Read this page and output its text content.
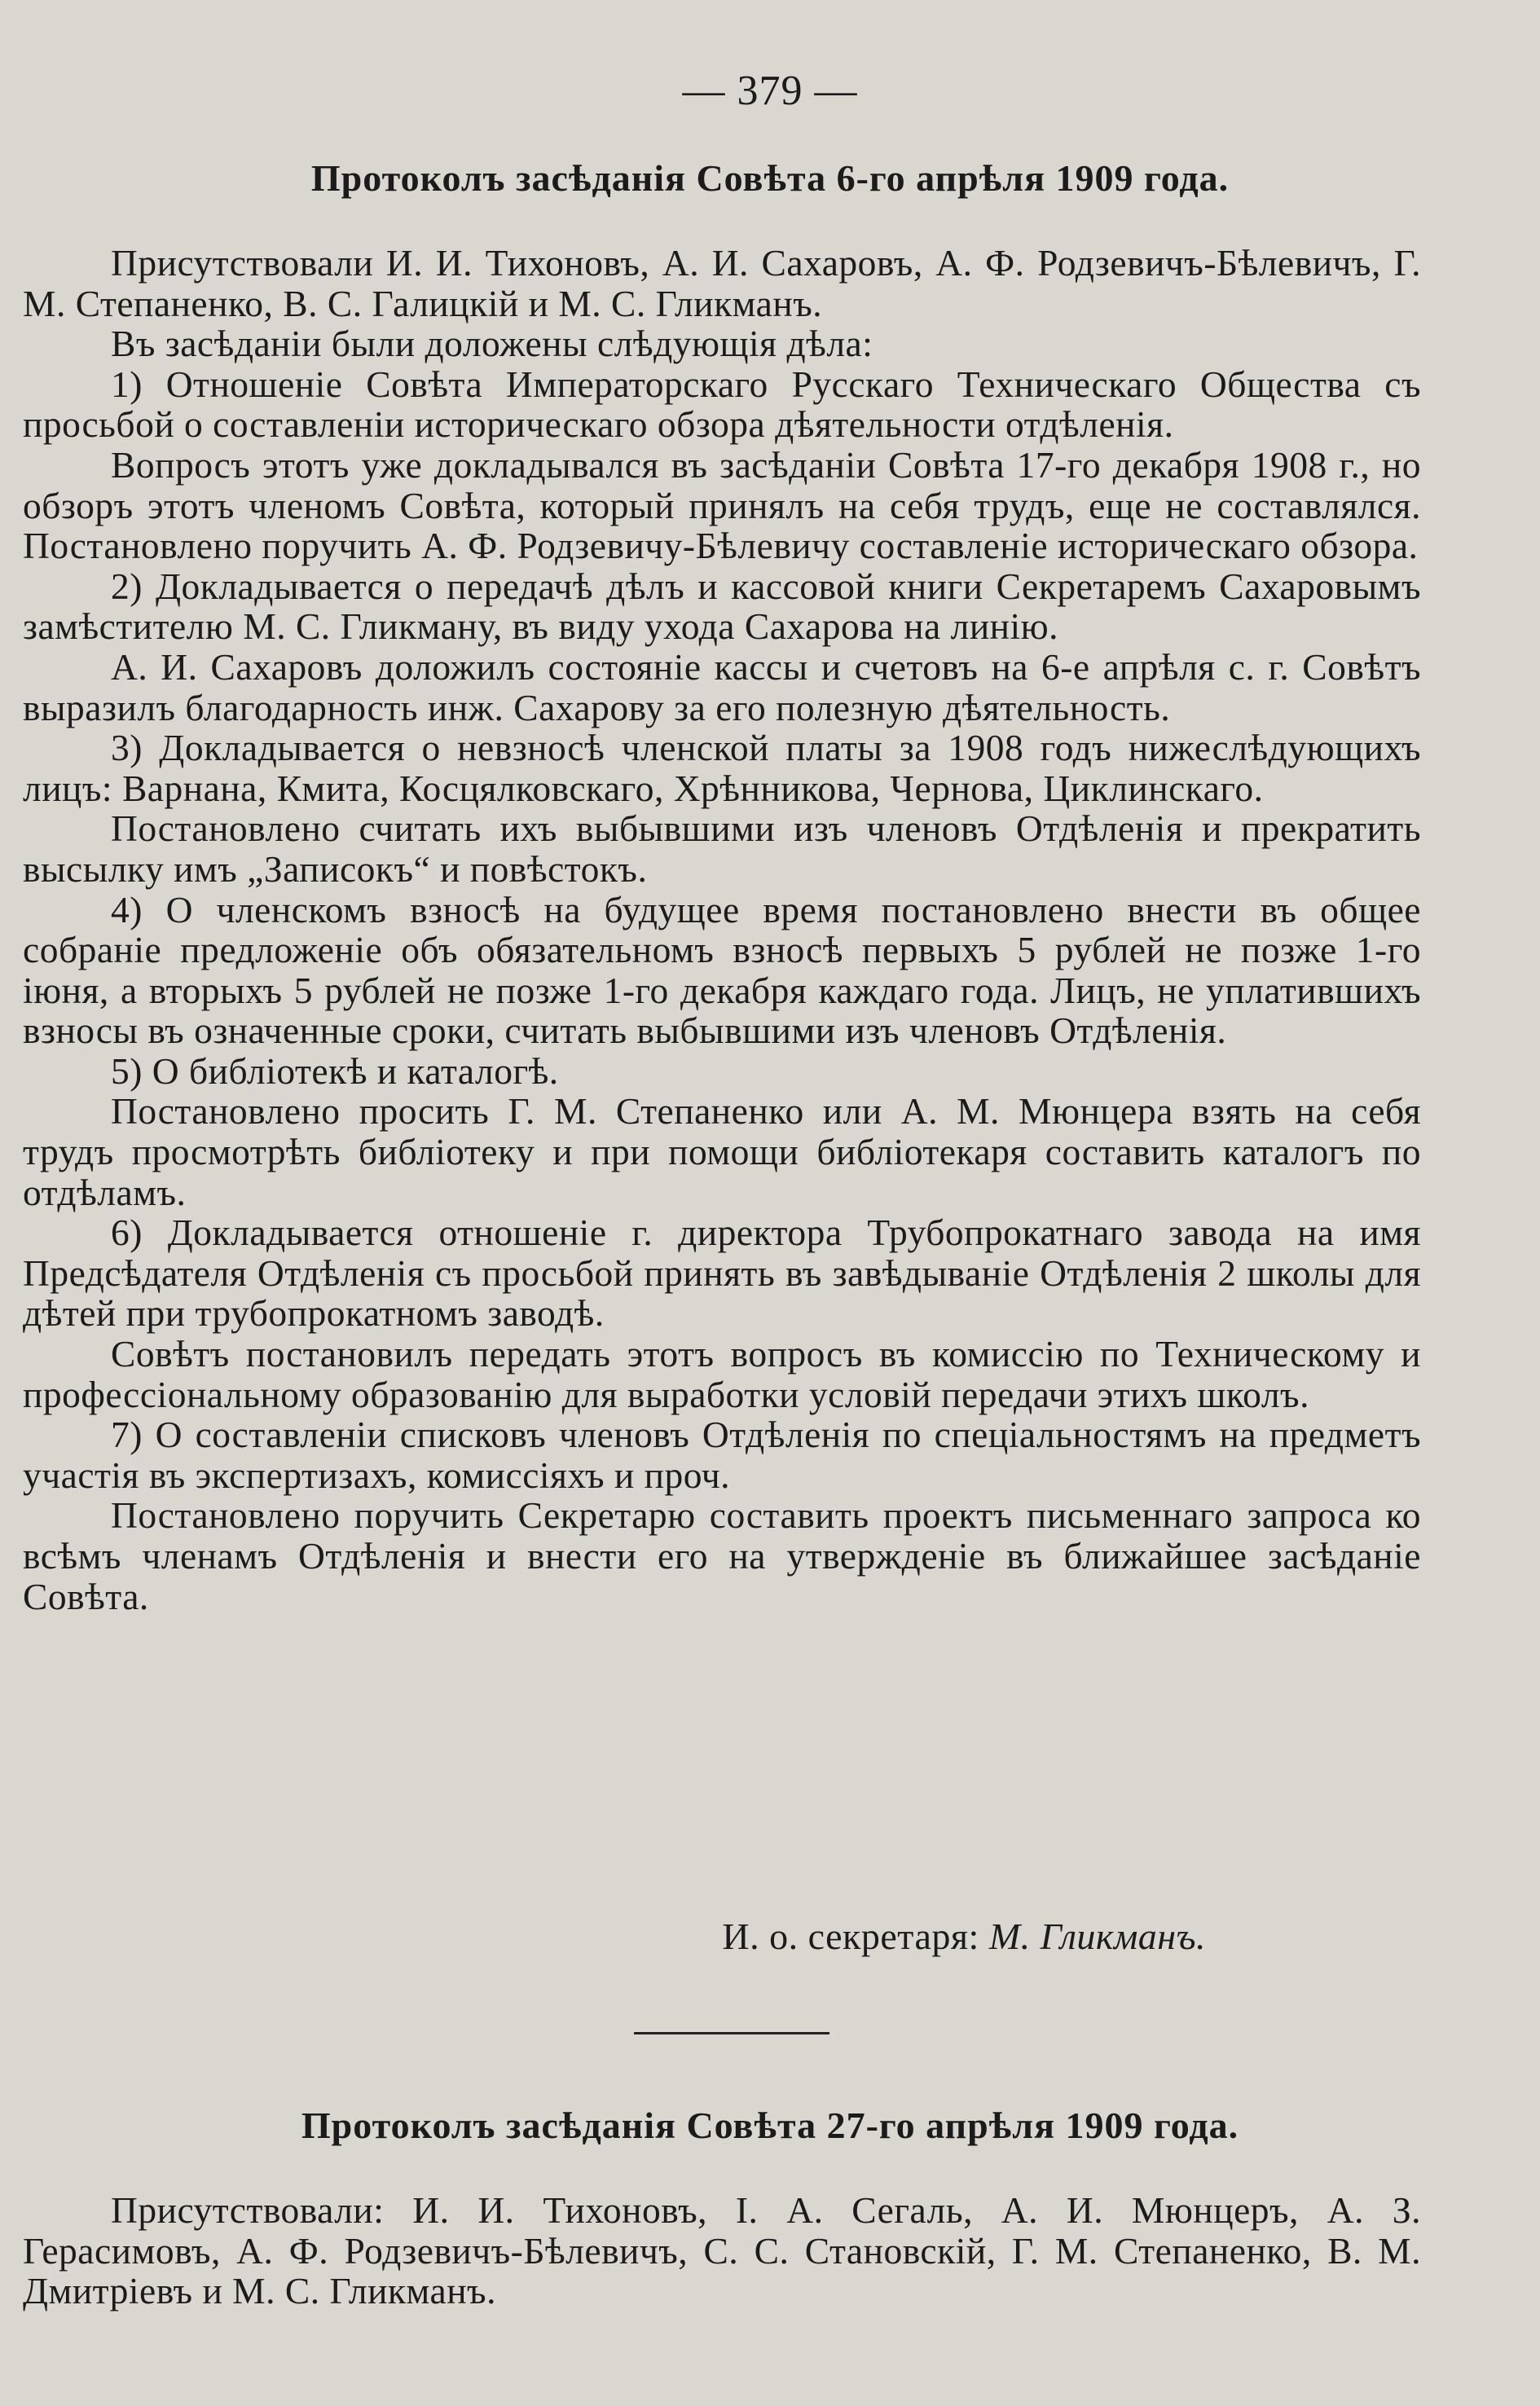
— 379 —
Протоколъ засѣданія Совѣта 6-го апрѣля 1909 года.

Присутствовали И. И. Тихоновъ, А. И. Сахаровъ, А. Ф. Родзевичъ-Бѣлевичъ, Г. М. Степаненко, В. С. Галицкій и М. С. Гликманъ.

Въ засѣданіи были доложены слѣдующія дѣла:

1) Отношеніе Совѣта Императорскаго Русскаго Техническаго Общества съ просьбой о составленіи историческаго обзора дѣятельности отдѣленія.

Вопросъ этотъ уже докладывался въ засѣданіи Совѣта 17-го декабря 1908 г., но обзоръ этотъ членомъ Совѣта, который принялъ на себя трудъ, еще не составлялся. Постановлено поручить А. Ф. Родзевичу-Бѣлевичу составленіе историческаго обзора.

2) Докладывается о передачѣ дѣлъ и кассовой книги Секретаремъ Сахаровымъ замѣстителю М. С. Гликману, въ виду ухода Сахарова на линію.

А. И. Сахаровъ доложилъ состояніе кассы и счетовъ на 6-е апрѣля с. г. Совѣтъ выразилъ благодарность инж. Сахарову за его полезную дѣятельность.

3) Докладывается о невзносѣ членской платы за 1908 годъ нижеслѣдующихъ лицъ: Варнана, Кмита, Косцялковскаго, Хрѣнникова, Чернова, Циклинскаго.

Постановлено считать ихъ выбывшими изъ членовъ Отдѣленія и прекратить высылку имъ „Записокъ“ и повѣстокъ.

4) О членскомъ взносѣ на будущее время постановлено внести въ общее собраніе предложеніе объ обязательномъ взносѣ первыхъ 5 рублей не позже 1-го іюня, а вторыхъ 5 рублей не позже 1-го декабря каждаго года. Лицъ, не уплатившихъ взносы въ означенные сроки, считать выбывшими изъ членовъ Отдѣленія.

5) О библіотекѣ и каталогѣ.

Постановлено просить Г. М. Степаненко или А. М. Мюнцера взять на себя трудъ просмотрѣть библіотеку и при помощи библіотекаря составить каталогъ по отдѣламъ.

6) Докладывается отношеніе г. директора Трубопрокатнаго завода на имя Предсѣдателя Отдѣленія съ просьбой принять въ завѣдываніе Отдѣленія 2 школы для дѣтей при трубопрокатномъ заводѣ.

Совѣтъ постановилъ передать этотъ вопросъ въ комиссію по Техническому и профессіональному образованію для выработки условій передачи этихъ школъ.

7) О составленіи списковъ членовъ Отдѣленія по спеціальностямъ на предметъ участія въ экспертизахъ, комиссіяхъ и проч.

Постановлено поручить Секретарю составить проектъ письменнаго запроса ко всѣмъ членамъ Отдѣленія и внести его на утвержденіе въ ближайшее засѣданіе Совѣта.

И. о. секретаря: М. Гликманъ.
Протоколъ засѣданія Совѣта 27-го апрѣля 1909 года.

Присутствовали: И. И. Тихоновъ, І. А. Сегаль, А. И. Мюнцеръ, А. З. Герасимовъ, А. Ф. Родзевичъ-Бѣлевичъ, С. С. Становскій, Г. М. Степаненко, В. М. Дмитріевъ и М. С. Гликманъ.
